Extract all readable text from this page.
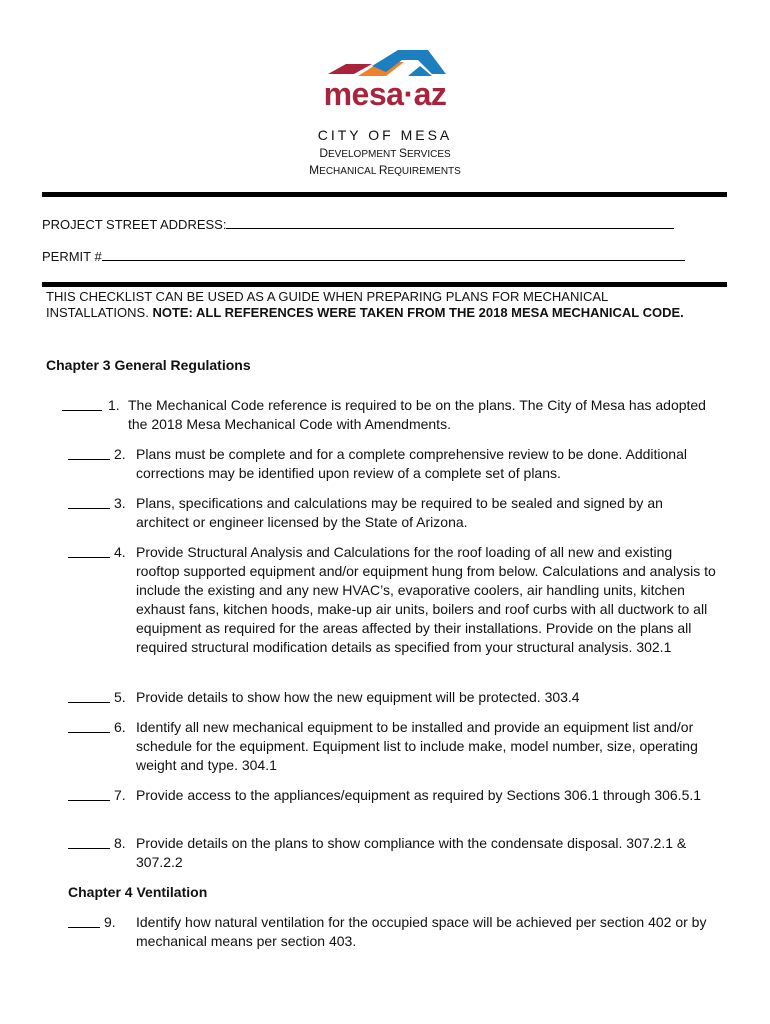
mesa·az
CITY OF MESA
DEVELOPMENT SERVICES
MECHANICAL REQUIREMENTS
PROJECT STREET ADDRESS:
PERMIT #
THIS CHECKLIST CAN BE USED AS A GUIDE WHEN PREPARING PLANS FOR MECHANICAL INSTALLATIONS. NOTE: ALL REFERENCES WERE TAKEN FROM THE 2018 MESA MECHANICAL CODE.
Chapter 3 General Regulations
1. The Mechanical Code reference is required to be on the plans. The City of Mesa has adopted the 2018 Mesa Mechanical Code with Amendments.
2. Plans must be complete and for a complete comprehensive review to be done. Additional corrections may be identified upon review of a complete set of plans.
3. Plans, specifications and calculations may be required to be sealed and signed by an architect or engineer licensed by the State of Arizona.
4. Provide Structural Analysis and Calculations for the roof loading of all new and existing rooftop supported equipment and/or equipment hung from below. Calculations and analysis to include the existing and any new HVAC’s, evaporative coolers, air handling units, kitchen exhaust fans, kitchen hoods, make-up air units, boilers and roof curbs with all ductwork to all equipment as required for the areas affected by their installations. Provide on the plans all required structural modification details as specified from your structural analysis. 302.1
5. Provide details to show how the new equipment will be protected. 303.4
6. Identify all new mechanical equipment to be installed and provide an equipment list and/or schedule for the equipment. Equipment list to include make, model number, size, operating weight and type. 304.1
7. Provide access to the appliances/equipment as required by Sections 306.1 through 306.5.1
8. Provide details on the plans to show compliance with the condensate disposal. 307.2.1 & 307.2.2
Chapter 4 Ventilation
9. Identify how natural ventilation for the occupied space will be achieved per section 402 or by mechanical means per section 403.
